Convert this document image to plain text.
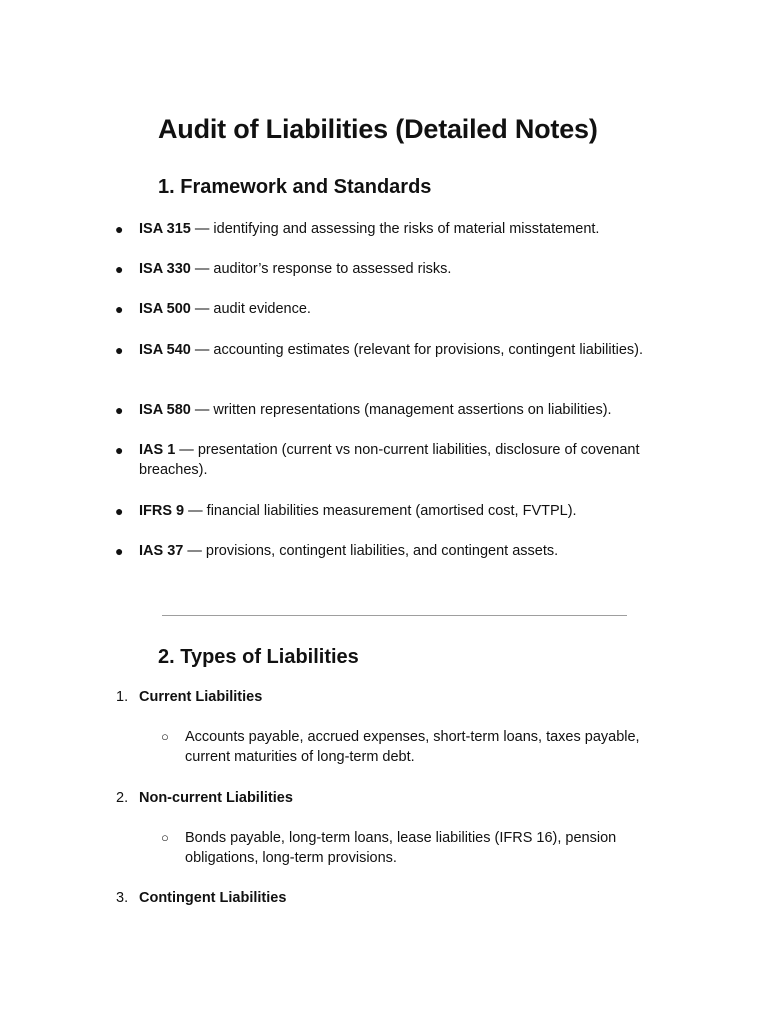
Audit of Liabilities (Detailed Notes)
1. Framework and Standards
● ISA 315 — identifying and assessing the risks of material misstatement.
● ISA 330 — auditor’s response to assessed risks.
● ISA 500 — audit evidence.
● ISA 540 — accounting estimates (relevant for provisions, contingent liabilities).
● ISA 580 — written representations (management assertions on liabilities).
● IAS 1 — presentation (current vs non-current liabilities, disclosure of covenant breaches).
● IFRS 9 — financial liabilities measurement (amortised cost, FVTPL).
● IAS 37 — provisions, contingent liabilities, and contingent assets.
2. Types of Liabilities
1. Current Liabilities
○ Accounts payable, accrued expenses, short-term loans, taxes payable, current maturities of long-term debt.
2. Non-current Liabilities
○ Bonds payable, long-term loans, lease liabilities (IFRS 16), pension obligations, long-term provisions.
3. Contingent Liabilities
